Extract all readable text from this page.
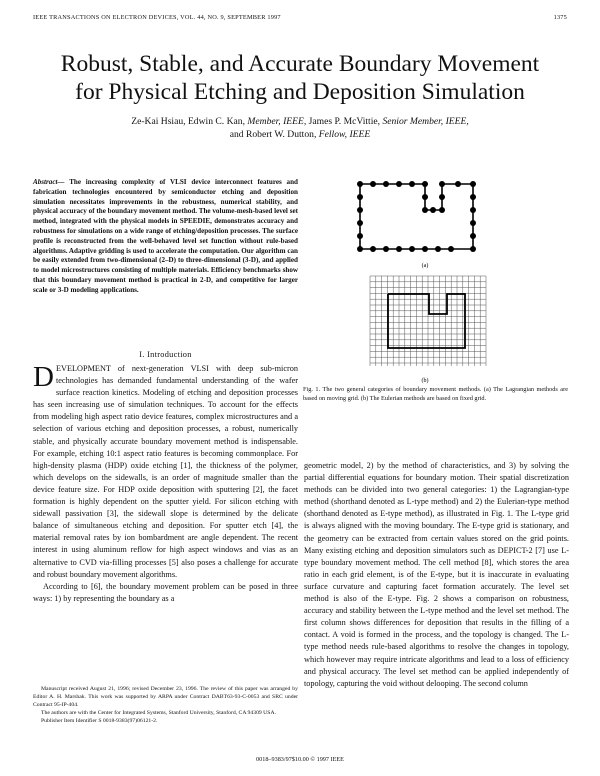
IEEE TRANSACTIONS ON ELECTRON DEVICES, VOL. 44, NO. 9, SEPTEMBER 1997	1375
Robust, Stable, and Accurate Boundary Movement
for Physical Etching and Deposition Simulation
Ze-Kai Hsiau, Edwin C. Kan, Member, IEEE, James P. McVittie, Senior Member, IEEE,
and Robert W. Dutton, Fellow, IEEE
Abstract— The increasing complexity of VLSI device interconnect features and fabrication technologies encountered by semiconductor etching and deposition simulation necessitates improvements in the robustness, numerical stability, and physical accuracy of the boundary movement method. The volume-mesh-based level set method, integrated with the physical models in SPEEDIE, demonstrates accuracy and robustness for simulations on a wide range of etching/deposition processes. The surface profile is reconstructed from the well-behaved level set function without rule-based algorithms. Adaptive gridding is used to accelerate the computation. Our algorithm can be easily extended from two-dimensional (2–D) to three-dimensional (3-D), and applied to model microstructures consisting of multiple materials. Efficiency benchmarks show that this boundary movement method is practical in 2-D, and competitive for larger scale or 3-D modeling applications.
I. Introduction

DEVELOPMENT of next-generation VLSI with deep sub-micron technologies has demanded fundamental understanding of the wafer surface reaction kinetics. Modeling of etching and deposition processes has seen increasing use of simulation techniques. To account for the effects from modeling high aspect ratio device features, complex microstructures and a selection of various etching and deposition processes, a robust, numerically stable, and physically accurate boundary movement method is indispensable. For example, etching 10:1 aspect ratio features is becoming commonplace. For high-density plasma (HDP) oxide etching [1], the thickness of the polymer, which develops on the sidewalls, is an order of magnitude smaller than the device feature size. For HDP oxide deposition with sputtering [2], the facet formation is highly dependent on the sputter yield. For silicon etching with sidewall passivation [3], the sidewall slope is determined by the delicate balance of simultaneous etching and deposition. For sputter etch [4], the material removal rates by ion bombardment are angle dependent. The recent interest in using aluminum reflow for high aspect windows and vias as an alternative to CVD via-filling processes [5] also poses a challenge for accurate and robust boundary movement algorithms.

According to [6], the boundary movement problem can be posed in three ways: 1) by representing the boundary as a

Manuscript received August 21, 1996; revised December 23, 1996. The review of this paper was arranged by Editor A. H. Marshak. This work was supported by ARPA under Contract DABT63-93-C-0053 and SRC under Contract 95-IP-404.

The authors are with the Center for Integrated Systems, Stanford University, Stanford, CA 94309 USA.

Publisher Item Identifier S 0018-9383(97)06121-2.

(a)
(b)
Fig. 1. The two general categories of boundary movement methods. (a) The Lagrangian methods are based on moving grid. (b) The Eulerian methods are based on fixed grid.
geometric model, 2) by the method of characteristics, and 3) by solving the partial differential equations for boundary motion. Their spatial discretization methods can be divided into two general categories: 1) the Lagrangian-type method (shorthand denoted as L-type method) and 2) the Eulerian-type method (shorthand denoted as E-type method), as illustrated in Fig. 1. The L-type grid is always aligned with the moving boundary. The E-type grid is stationary, and the geometry can be extracted from certain values stored on the grid points. Many existing etching and deposition simulators such as DEPICT-2 [7] use L-type boundary movement method. The cell method [8], which stores the area ratio in each grid element, is of the E-type, but it is inaccurate in evaluating surface curvature and capturing facet formation accurately. The level set method is also of the E-type. Fig. 2 shows a comparison on robustness, accuracy and stability between the L-type method and the level set method. The first column shows differences for deposition that results in the filling of a contact. A void is formed in the process, and the topology is changed. The L-type method needs rule-based algorithms to resolve the changes in topology, which however may require intricate algorithms and lead to a loss of efficiency and physical accuracy. The level set method can be applied independently of topology, capturing the void without delooping. The second column
0018–9383/97$10.00 © 1997 IEEE
